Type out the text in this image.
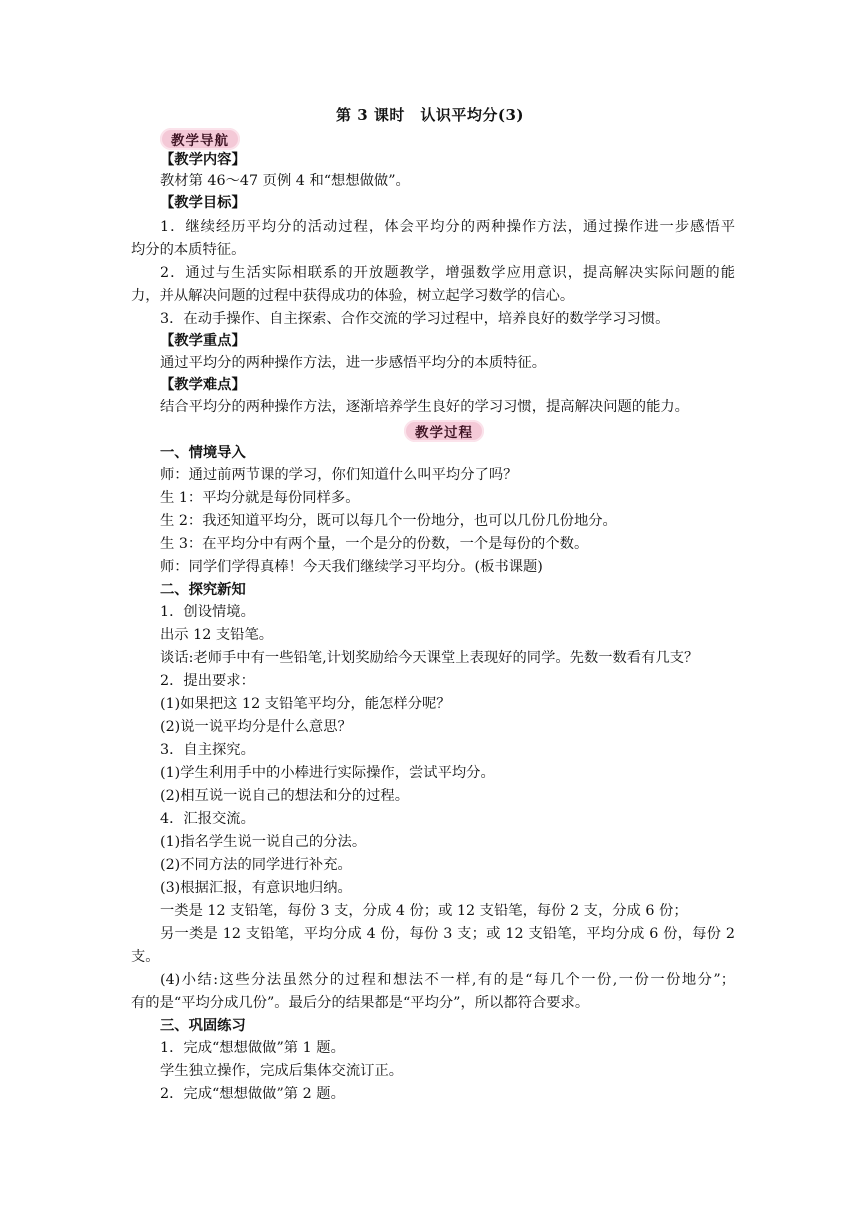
第 3 课时　认识平均分(3)
教学导航
【教学内容】
教材第 46～47 页例 4 和“想想做做”。
【教学目标】
1．继续经历平均分的活动过程，体会平均分的两种操作方法，通过操作进一步感悟平
均分的本质特征。
2．通过与生活实际相联系的开放题教学，增强数学应用意识，提高解决实际问题的能
力，并从解决问题的过程中获得成功的体验，树立起学习数学的信心。
3．在动手操作、自主探索、合作交流的学习过程中，培养良好的数学学习习惯。
【教学重点】
通过平均分的两种操作方法，进一步感悟平均分的本质特征。
【教学难点】
结合平均分的两种操作方法，逐渐培养学生良好的学习习惯，提高解决问题的能力。
教学过程
一、情境导入
师：通过前两节课的学习，你们知道什么叫平均分了吗？
生 1：平均分就是每份同样多。
生 2：我还知道平均分，既可以每几个一份地分，也可以几份几份地分。
生 3：在平均分中有两个量，一个是分的份数，一个是每份的个数。
师：同学们学得真棒！今天我们继续学习平均分。(板书课题)
二、探究新知
1．创设情境。
出示 12 支铅笔。
谈话:老师手中有一些铅笔,计划奖励给今天课堂上表现好的同学。先数一数看有几支？
2．提出要求：
(1)如果把这 12 支铅笔平均分，能怎样分呢？
(2)说一说平均分是什么意思？
3．自主探究。
(1)学生利用手中的小棒进行实际操作，尝试平均分。
(2)相互说一说自己的想法和分的过程。
4．汇报交流。
(1)指名学生说一说自己的分法。
(2)不同方法的同学进行补充。
(3)根据汇报，有意识地归纳。
一类是 12 支铅笔，每份 3 支，分成 4 份；或 12 支铅笔，每份 2 支，分成 6 份；
另一类是 12 支铅笔，平均分成 4 份，每份 3 支；或 12 支铅笔，平均分成 6 份，每份 2
支。
(4)小结:这些分法虽然分的过程和想法不一样,有的是“每几个一份,一份一份地分”；
有的是“平均分成几份”。最后分的结果都是“平均分”，所以都符合要求。
三、巩固练习
1．完成“想想做做”第 1 题。
学生独立操作，完成后集体交流订正。
2．完成“想想做做”第 2 题。
